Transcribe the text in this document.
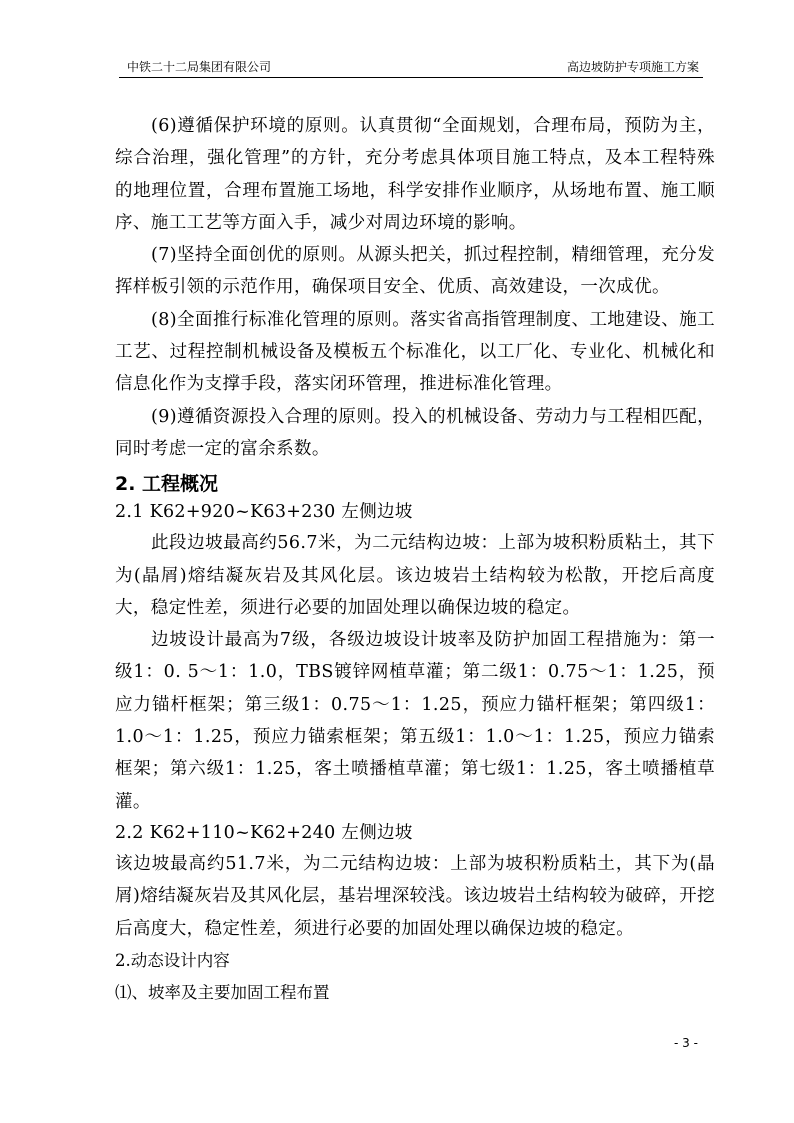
中铁二十二局集团有限公司	高边坡防护专项施工方案

(6)遵循保护环境的原则。认真贯彻“全面规划，合理布局，预防为主，综合治理，强化管理”的方针，充分考虑具体项目施工特点，及本工程特殊的地理位置，合理布置施工场地，科学安排作业顺序，从场地布置、施工顺序、施工工艺等方面入手，减少对周边环境的影响。

(7)坚持全面创优的原则。从源头把关，抓过程控制，精细管理，充分发挥样板引领的示范作用，确保项目安全、优质、高效建设，一次成优。

(8)全面推行标准化管理的原则。落实省高指管理制度、工地建设、施工工艺、过程控制机械设备及模板五个标准化，以工厂化、专业化、机械化和信息化作为支撑手段，落实闭环管理，推进标准化管理。

(9)遵循资源投入合理的原则。投入的机械设备、劳动力与工程相匹配，同时考虑一定的富余系数。

2. 工程概况

2.1 K62+920~K63+230 左侧边坡

此段边坡最高约56.7米，为二元结构边坡：上部为坡积粉质粘土，其下为(晶屑)熔结凝灰岩及其风化层。该边坡岩土结构较为松散，开挖后高度大，稳定性差，须进行必要的加固处理以确保边坡的稳定。

边坡设计最高为7级，各级边坡设计坡率及防护加固工程措施为：第一级1：0. 5～1：1.0，TBS镀锌网植草灌；第二级1：0.75～1：1.25，预应力锚杆框架；第三级1：0.75～1：1.25，预应力锚杆框架；第四级1：1.0～1：1.25，预应力锚索框架；第五级1：1.0～1：1.25，预应力锚索框架；第六级1：1.25，客土喷播植草灌；第七级1：1.25，客土喷播植草灌。

2.2 K62+110~K62+240 左侧边坡

该边坡最高约51.7米，为二元结构边坡：上部为坡积粉质粘土，其下为(晶屑)熔结凝灰岩及其风化层，基岩埋深较浅。该边坡岩土结构较为破碎，开挖后高度大，稳定性差，须进行必要的加固处理以确保边坡的稳定。

2.动态设计内容

⑴、坡率及主要加固工程布置

- 3 -
